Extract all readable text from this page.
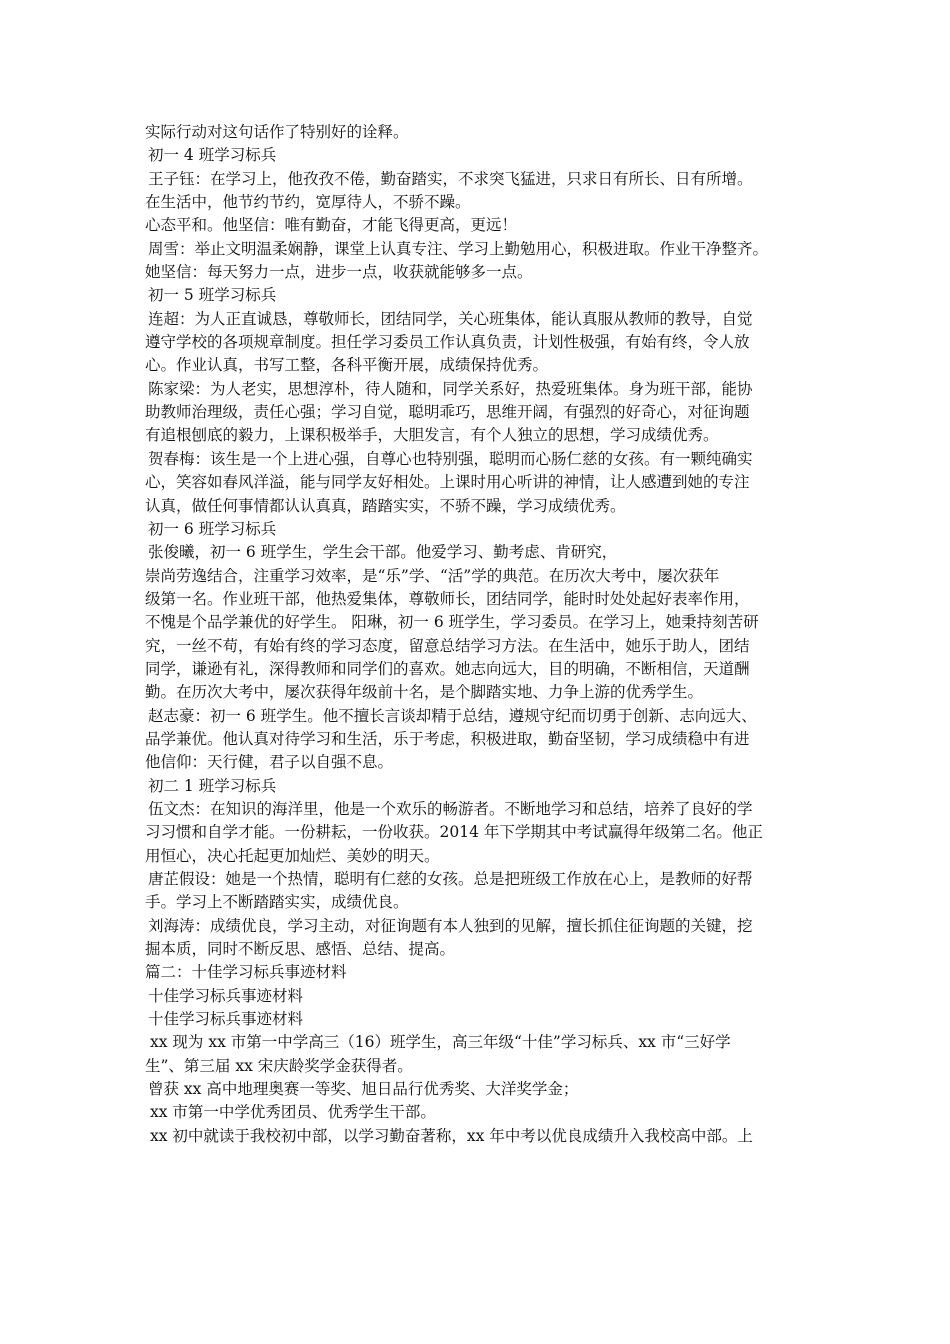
实际行动对这句话作了特别好的诠释。
初一 4 班学习标兵
王子钰：在学习上，他孜孜不倦，勤奋踏实，不求突飞猛进，只求日有所长、日有所增。
在生活中，他节约节约，宽厚待人，不骄不躁。
心态平和。他坚信：唯有勤奋，才能飞得更高，更远！
周雪：举止文明温柔娴静，课堂上认真专注、学习上勤勉用心，积极进取。作业干净整齐。
她坚信：每天努力一点，进步一点，收获就能够多一点。
初一 5 班学习标兵
连超：为人正直诚恳，尊敬师长，团结同学，关心班集体，能认真服从教师的教导，自觉
遵守学校的各项规章制度。担任学习委员工作认真负责，计划性极强，有始有终，令人放
心。作业认真，书写工整，各科平衡开展，成绩保持优秀。
陈家梁：为人老实，思想淳朴，待人随和，同学关系好，热爱班集体。身为班干部，能协
助教师治理级，责任心强；学习自觉，聪明乖巧，思维开阔，有强烈的好奇心，对征询题
有追根刨底的毅力，上课积极举手，大胆发言，有个人独立的思想，学习成绩优秀。
贺春梅：该生是一个上进心强，自尊心也特别强，聪明而心肠仁慈的女孩。有一颗纯确实
心，笑容如春风洋溢，能与同学友好相处。上课时用心听讲的神情，让人感遭到她的专注
认真，做任何事情都认认真真，踏踏实实，不骄不躁，学习成绩优秀。
初一 6 班学习标兵
张俊曦，初一 6 班学生，学生会干部。他爱学习、勤考虑、肯研究，
崇尚劳逸结合，注重学习效率，是“乐”学、“活”学的典范。在历次大考中，屡次获年
级第一名。作业班干部，他热爱集体，尊敬师长，团结同学，能时时处处起好表率作用，
不愧是个品学兼优的好学生。 阳琳，初一 6 班学生，学习委员。在学习上，她秉持刻苦研
究，一丝不苟，有始有终的学习态度，留意总结学习方法。在生活中，她乐于助人，团结
同学，谦逊有礼，深得教师和同学们的喜欢。她志向远大，目的明确，不断相信，天道酬
勤。在历次大考中，屡次获得年级前十名，是个脚踏实地、力争上游的优秀学生。
赵志豪：初一 6 班学生。他不擅长言谈却精于总结，遵规守纪而切勇于创新、志向远大、
品学兼优。他认真对待学习和生活，乐于考虑，积极进取，勤奋坚韧，学习成绩稳中有进
他信仰：天行健，君子以自强不息。
初二 1 班学习标兵
伍文杰：在知识的海洋里，他是一个欢乐的畅游者。不断地学习和总结，培养了良好的学
习习惯和自学才能。一份耕耘，一份收获。2014 年下学期其中考试赢得年级第二名。他正
用恒心，决心托起更加灿烂、美妙的明天。
唐芷假设：她是一个热情，聪明有仁慈的女孩。总是把班级工作放在心上，是教师的好帮
手。学习上不断踏踏实实，成绩优良。
刘海涛：成绩优良，学习主动，对征询题有本人独到的见解，擅长抓住征询题的关键，挖
掘本质，同时不断反思、感悟、总结、提高。
篇二：十佳学习标兵事迹材料
十佳学习标兵事迹材料
十佳学习标兵事迹材料
xx 现为 xx 市第一中学高三（16）班学生，高三年级“十佳”学习标兵、xx 市“三好学
生”、第三届 xx 宋庆龄奖学金获得者。
曾获 xx 高中地理奥赛一等奖、旭日品行优秀奖、大洋奖学金；
xx 市第一中学优秀团员、优秀学生干部。
xx 初中就读于我校初中部，以学习勤奋著称，xx 年中考以优良成绩升入我校高中部。上
